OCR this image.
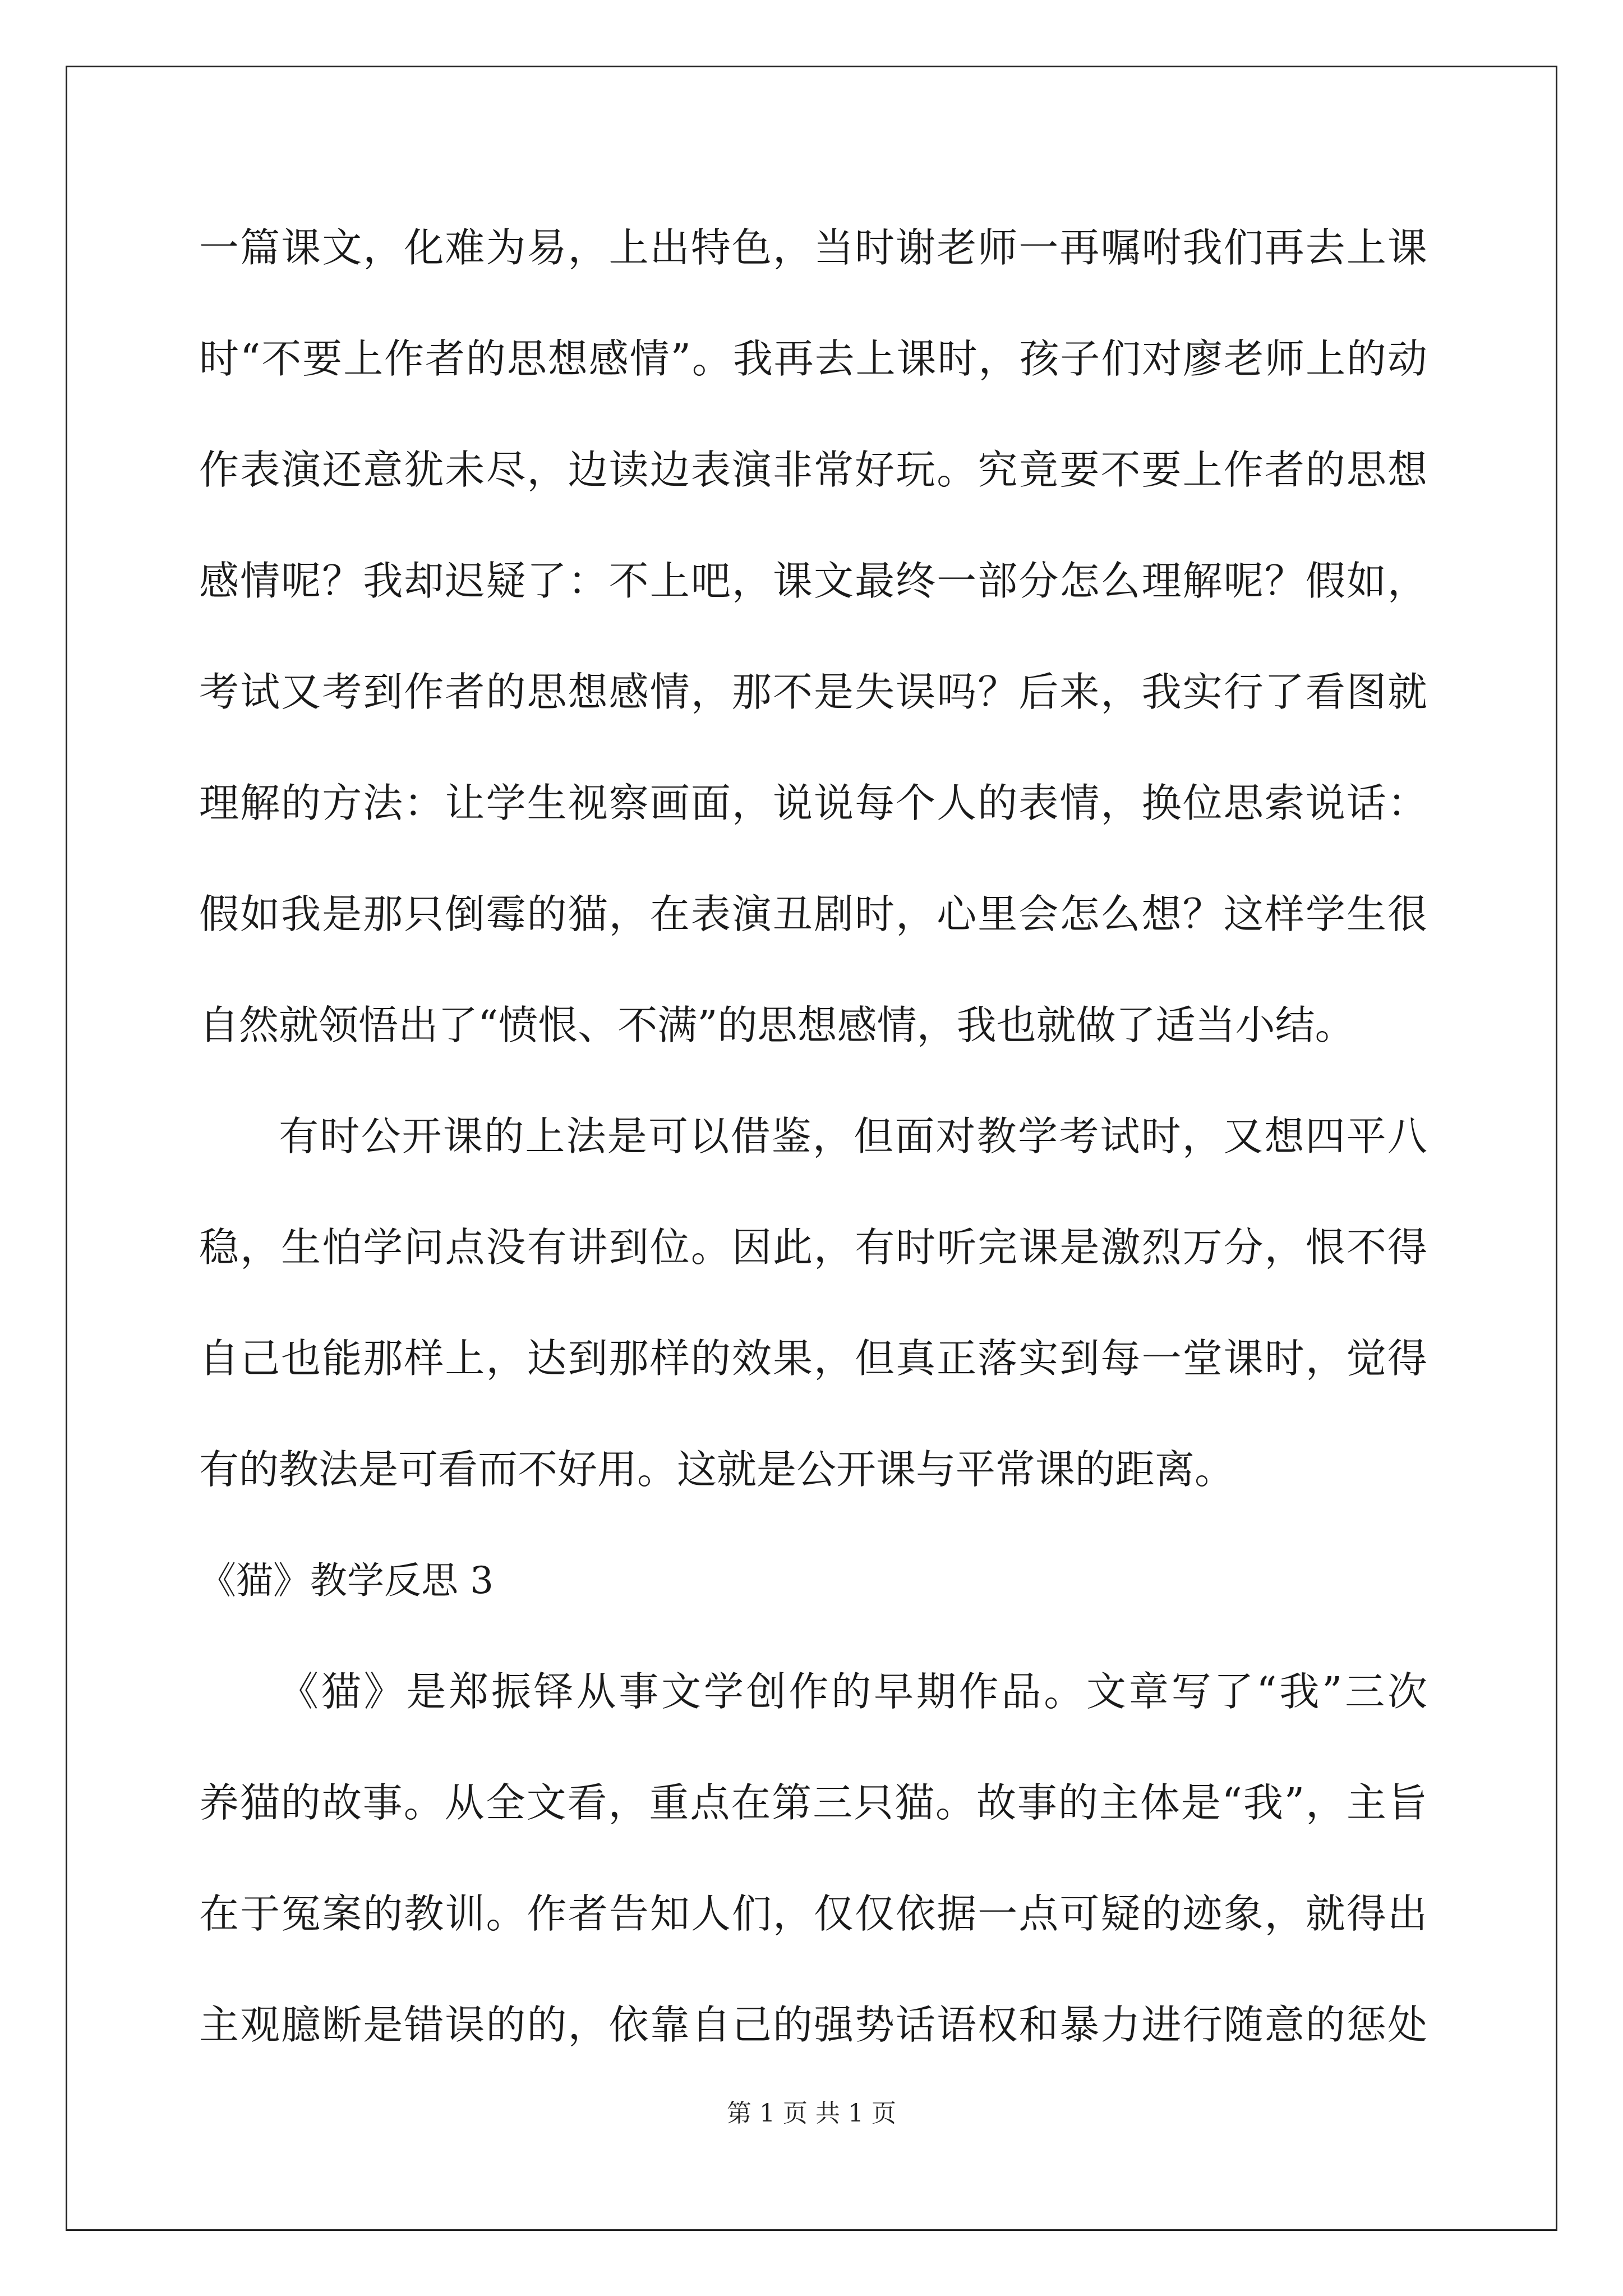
一篇课文，化难为易，上出特色，当时谢老师一再嘱咐我们再去上课
时“不要上作者的思想感情”。我再去上课时，孩子们对廖老师上的动
作表演还意犹未尽，边读边表演非常好玩。究竟要不要上作者的思想
感情呢？我却迟疑了：不上吧，课文最终一部分怎么理解呢？假如，
考试又考到作者的思想感情，那不是失误吗？后来，我实行了看图就
理解的方法：让学生视察画面，说说每个人的表情，换位思索说话：
假如我是那只倒霉的猫，在表演丑剧时，心里会怎么想？这样学生很
自然就领悟出了“愤恨、不满”的思想感情，我也就做了适当小结。
有时公开课的上法是可以借鉴，但面对教学考试时，又想四平八
稳，生怕学问点没有讲到位。因此，有时听完课是激烈万分，恨不得
自己也能那样上，达到那样的效果，但真正落实到每一堂课时，觉得
有的教法是可看而不好用。这就是公开课与平常课的距离。
《猫》教学反思 3
《猫》是郑振铎从事文学创作的早期作品。文章写了“我”三次
养猫的故事。从全文看，重点在第三只猫。故事的主体是“我”，主旨
在于冤案的教训。作者告知人们，仅仅依据一点可疑的迹象，就得出
主观臆断是错误的的，依靠自己的强势话语权和暴力进行随意的惩处
第 1 页 共 1 页
